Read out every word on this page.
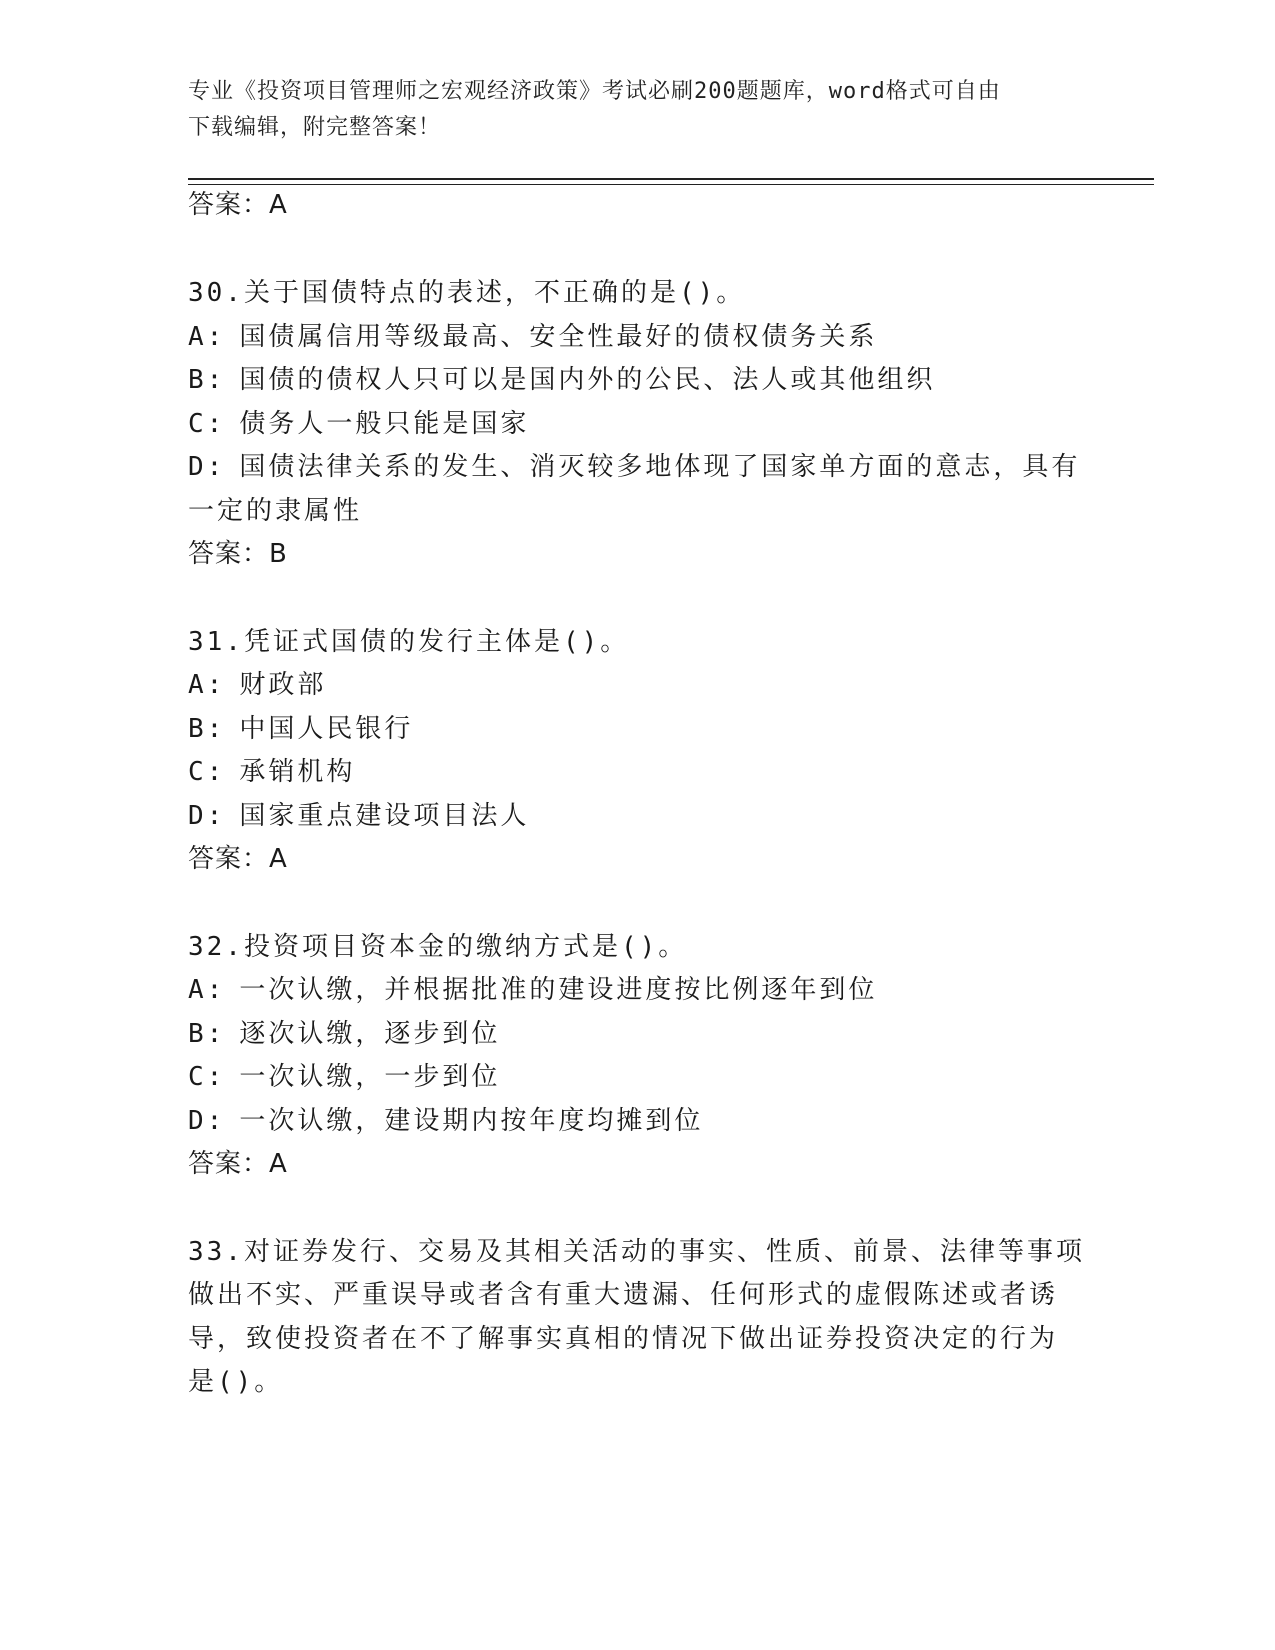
专业《投资项目管理师之宏观经济政策》考试必刷200题题库，word格式可自由
下载编辑，附完整答案！
答案：A
30.关于国债特点的表述，不正确的是()。
A: 国债属信用等级最高、安全性最好的债权债务关系
B: 国债的债权人只可以是国内外的公民、法人或其他组织
C: 债务人一般只能是国家
D: 国债法律关系的发生、消灭较多地体现了国家单方面的意志，具有
一定的隶属性
答案：B
31.凭证式国债的发行主体是()。
A: 财政部
B: 中国人民银行
C: 承销机构
D: 国家重点建设项目法人
答案：A
32.投资项目资本金的缴纳方式是()。
A: 一次认缴，并根据批准的建设进度按比例逐年到位
B: 逐次认缴，逐步到位
C: 一次认缴，一步到位
D: 一次认缴，建设期内按年度均摊到位
答案：A
33.对证券发行、交易及其相关活动的事实、性质、前景、法律等事项
做出不实、严重误导或者含有重大遗漏、任何形式的虚假陈述或者诱
导，致使投资者在不了解事实真相的情况下做出证券投资决定的行为
是()。
